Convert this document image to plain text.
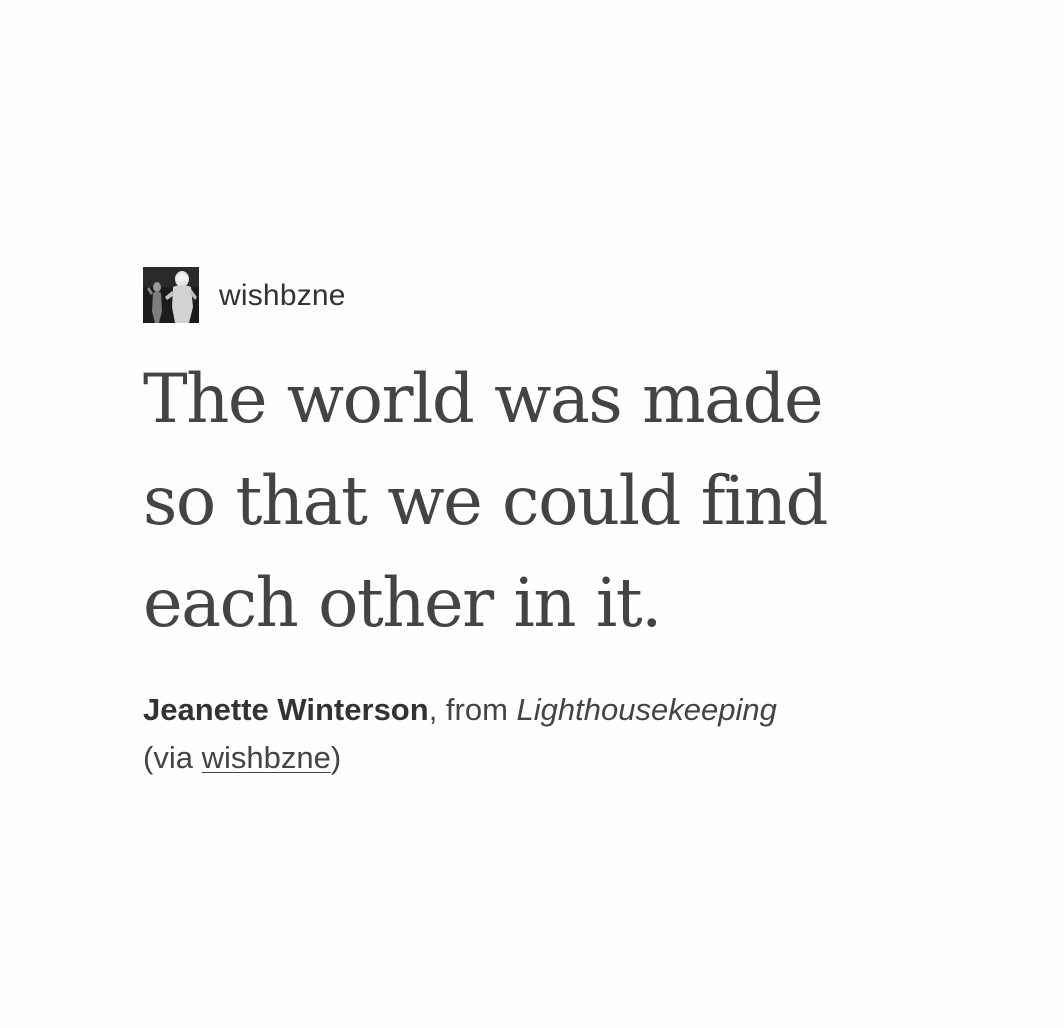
wishbzne
The world was made
so that we could find
each other in it.
Jeanette Winterson, from Lighthousekeeping
(via wishbzne)
